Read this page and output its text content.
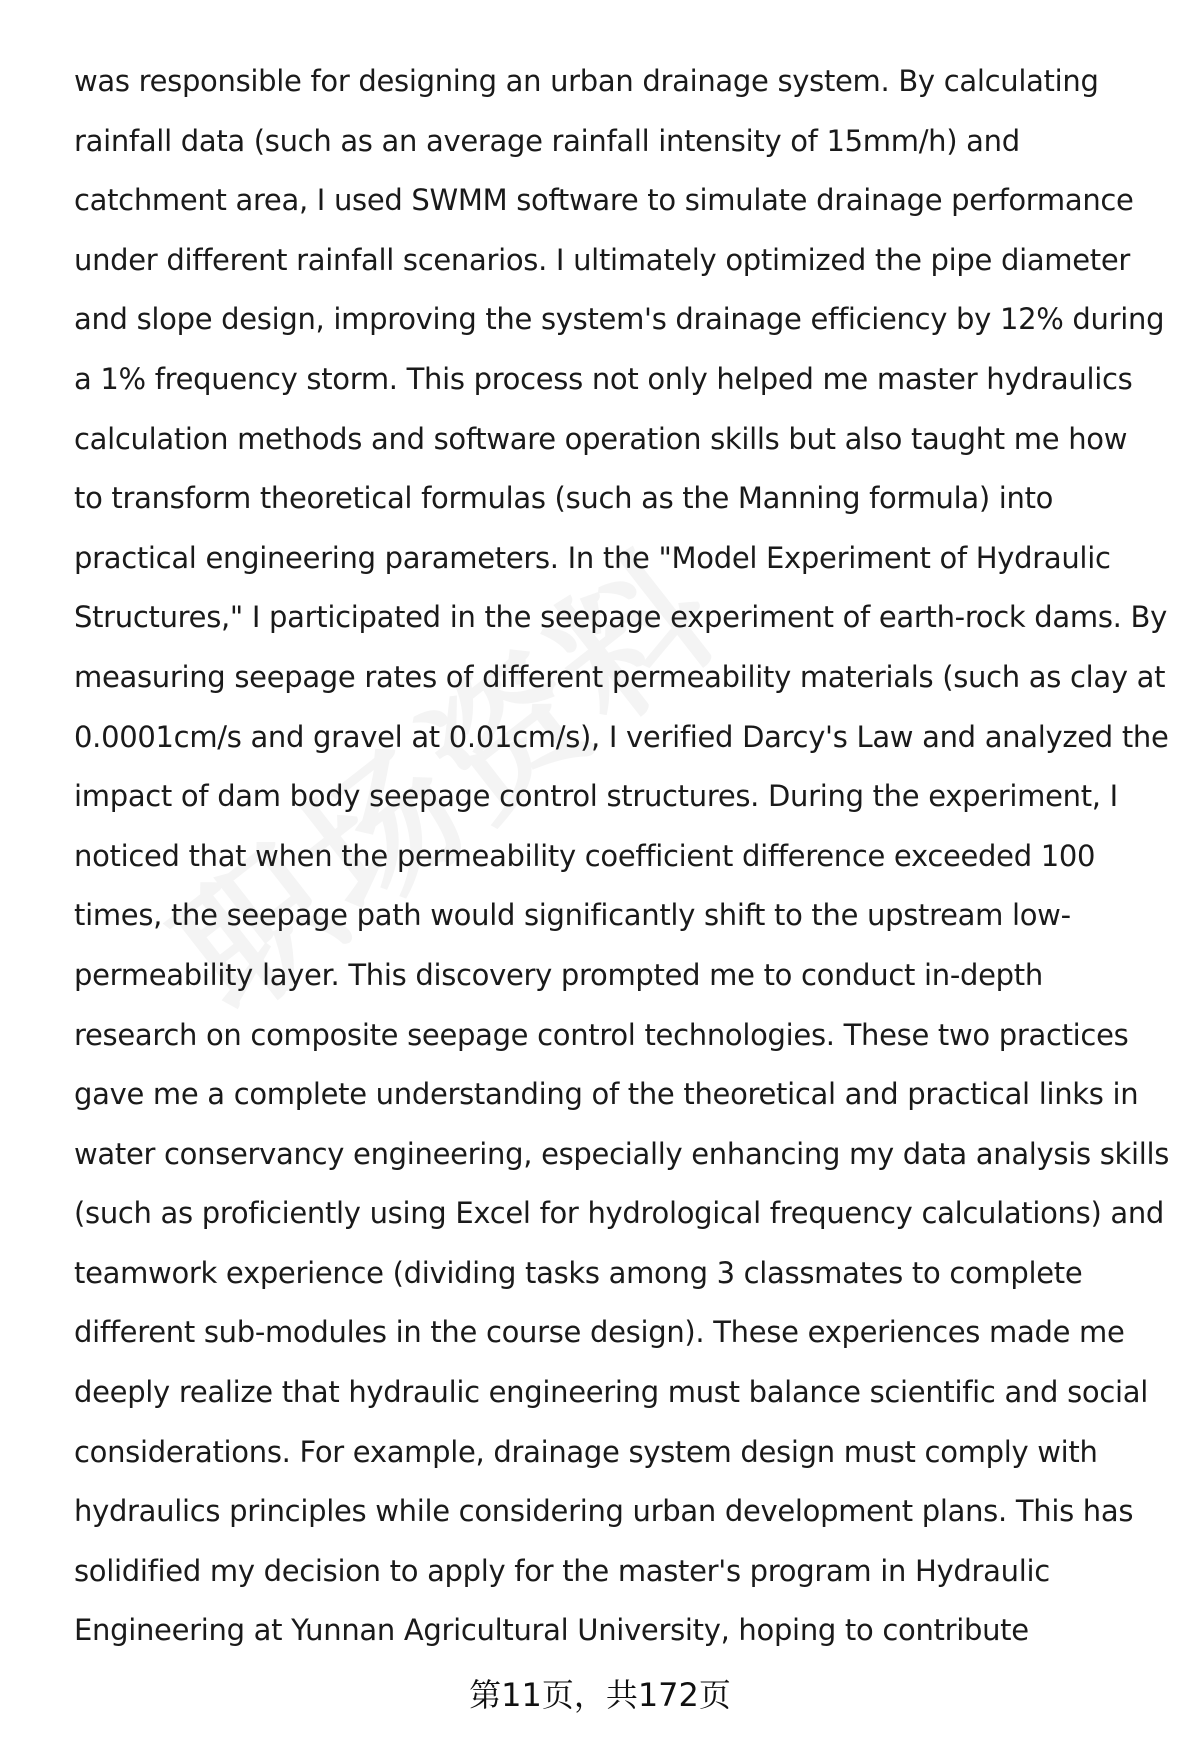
was responsible for designing an urban drainage system. By calculating
rainfall data (such as an average rainfall intensity of 15mm/h) and
catchment area, I used SWMM software to simulate drainage performance
under different rainfall scenarios. I ultimately optimized the pipe diameter
and slope design, improving the system's drainage efficiency by 12% during
a 1% frequency storm. This process not only helped me master hydraulics
calculation methods and software operation skills but also taught me how
to transform theoretical formulas (such as the Manning formula) into
practical engineering parameters. In the "Model Experiment of Hydraulic
Structures," I participated in the seepage experiment of earth-rock dams. By
measuring seepage rates of different permeability materials (such as clay at
0.0001cm/s and gravel at 0.01cm/s), I verified Darcy's Law and analyzed the
impact of dam body seepage control structures. During the experiment, I
noticed that when the permeability coefficient difference exceeded 100
times, the seepage path would significantly shift to the upstream low-
permeability layer. This discovery prompted me to conduct in-depth
research on composite seepage control technologies. These two practices
gave me a complete understanding of the theoretical and practical links in
water conservancy engineering, especially enhancing my data analysis skills
(such as proficiently using Excel for hydrological frequency calculations) and
teamwork experience (dividing tasks among 3 classmates to complete
different sub-modules in the course design). These experiences made me
deeply realize that hydraulic engineering must balance scientific and social
considerations. For example, drainage system design must comply with
hydraulics principles while considering urban development plans. This has
solidified my decision to apply for the master's program in Hydraulic
Engineering at Yunnan Agricultural University, hoping to contribute
第11页，共172页
